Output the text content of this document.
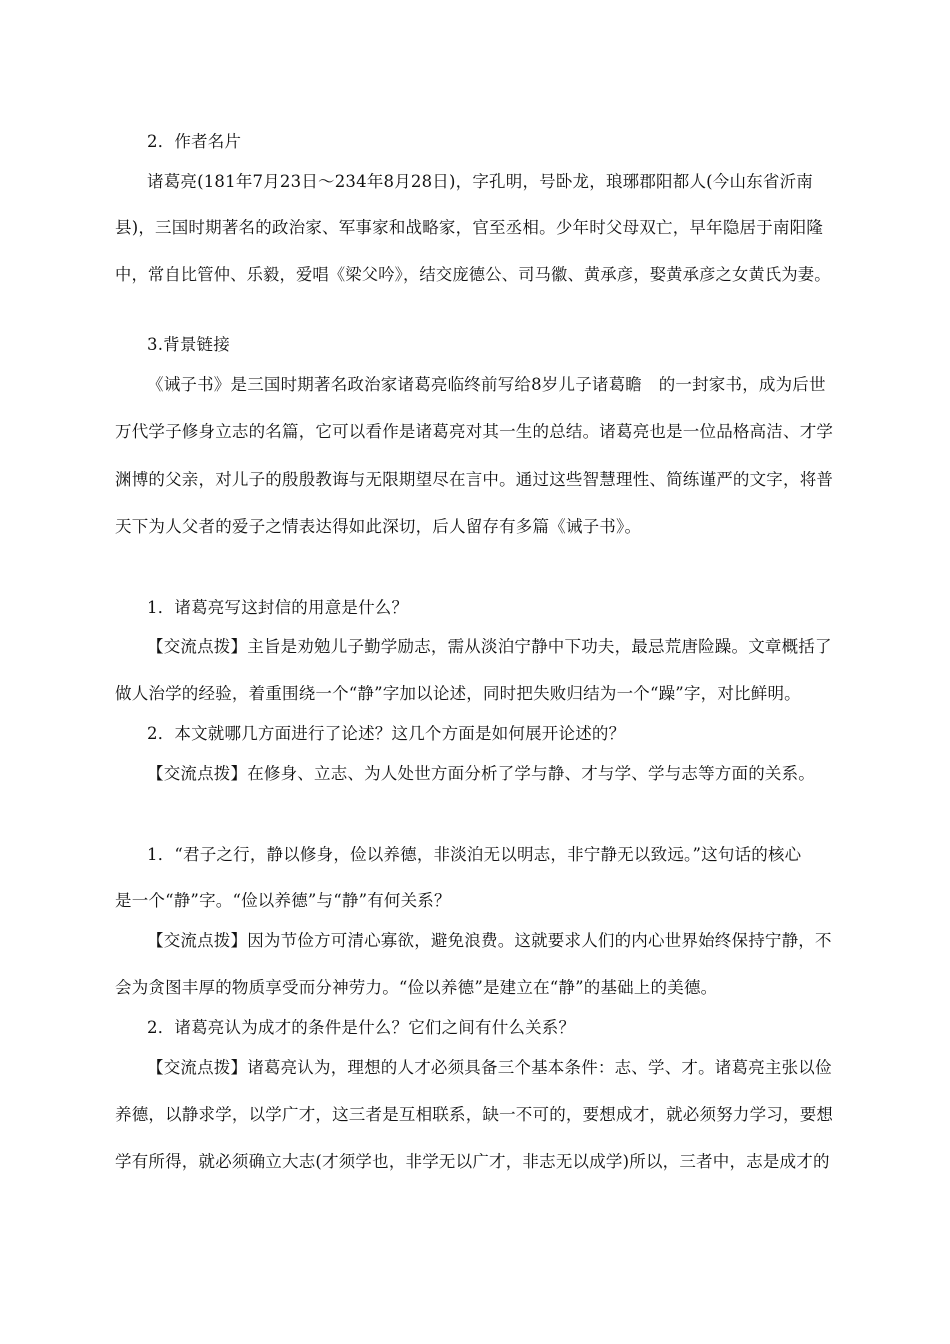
2．作者名片
诸葛亮(181年7月23日～234年8月28日)，字孔明，号卧龙，琅琊郡阳都人(今山东省沂南
县)，三国时期著名的政治家、军事家和战略家，官至丞相。少年时父母双亡，早年隐居于南阳隆
中，常自比管仲、乐毅，爱唱《梁父吟》，结交庞德公、司马徽、黄承彦，娶黄承彦之女黄氏为妻。
3.背景链接
《诫子书》是三国时期著名政治家诸葛亮临终前写给8岁儿子诸葛瞻　的一封家书，成为后世
万代学子修身立志的名篇，它可以看作是诸葛亮对其一生的总结。诸葛亮也是一位品格高洁、才学
渊博的父亲，对儿子的殷殷教诲与无限期望尽在言中。通过这些智慧理性、简练谨严的文字，将普
天下为人父者的爱子之情表达得如此深切，后人留存有多篇《诫子书》。
1．诸葛亮写这封信的用意是什么？
【交流点拨】主旨是劝勉儿子勤学励志，需从淡泊宁静中下功夫，最忌荒唐险躁。文章概括了
做人治学的经验，着重围绕一个“静”字加以论述，同时把失败归结为一个“躁”字，对比鲜明。
2．本文就哪几方面进行了论述？这几个方面是如何展开论述的？
【交流点拨】在修身、立志、为人处世方面分析了学与静、才与学、学与志等方面的关系。
1．“君子之行，静以修身，俭以养德，非淡泊无以明志，非宁静无以致远。”这句话的核心
是一个“静”字。“俭以养德”与“静”有何关系？
【交流点拨】因为节俭方可清心寡欲，避免浪费。这就要求人们的内心世界始终保持宁静，不
会为贪图丰厚的物质享受而分神劳力。“俭以养德”是建立在“静”的基础上的美德。
2．诸葛亮认为成才的条件是什么？它们之间有什么关系？
【交流点拨】诸葛亮认为，理想的人才必须具备三个基本条件：志、学、才。诸葛亮主张以俭
养德，以静求学，以学广才，这三者是互相联系，缺一不可的，要想成才，就必须努力学习，要想
学有所得，就必须确立大志(才须学也，非学无以广才，非志无以成学)所以，三者中，志是成才的
